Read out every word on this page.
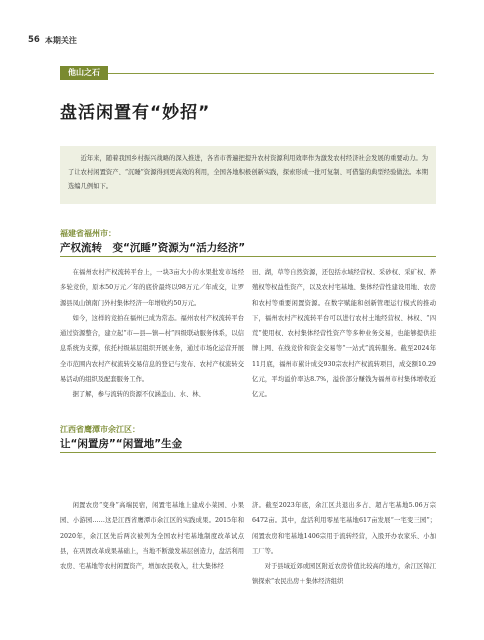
56 本期关注
他山之石
盘活闲置有“妙招”

近年来，随着我国乡村振兴战略的深入推进，各省市普遍把提升农村资源利用效率作为激发农村经济社会发展的重要动力。为了让农村闲置资产、“沉睡”资源得到更高效的利用，全国各地积极创新实践，探索形成一批可复制、可借鉴的典型经验做法。本期选编几例如下。

福建省福州市：
产权流转　变“沉睡”资源为“活力经济”

在福州农村产权流转平台上，一块3亩大小的水果批发市场经多轮竞价，原本50万元／年的底价最终以98万元／年成交，让罗源县凤山镇南门外村集体经济一年增收约50万元。

如今，这样的竞拍在福州已成为常态。福州农村产权流转平台通过资源整合，建立起“市—县—镇—村”四级联动服务体系，以信息系统为支撑，依托村级基层组织开展业务，通过市场化运营开展全市范围内农村产权流转交易信息的登记与发布、农村产权流转交易活动的组织及配套服务工作。

据了解，参与流转的资源不仅涵盖山、水、林、

田、湖，草等自然资源，还包括水域经营权、采砂权、采矿权、养殖权等权益性资产，以及农村宅基地、集体经营性建设用地、农房和农村等重要闲置资源。在数字赋能和创新管理运行模式的推动下，福州农村产权流转平台可以进行农村土地经营权、林权、“四荒”使用权、农村集体经营性资产等多种业务交易，也能够提供挂牌上网、在线竞价和资金交易等“一站式”流转服务。截至2024年11月底，福州市累计成交930宗农村产权流转项目，成交额10.29亿元，平均溢价率达8.7%，溢价部分赚钱为福州市村集体增收近亿元。

江西省鹰潭市余江区：
让“闲置房”“闲置地”生金

闲置农房“变身”高端民宿，闲置宅基地上建成小菜园、小果园、小游园……这是江西省鹰潭市余江区的实践成果。2015年和2020年，余江区先后两次被列为全国农村宅基地制度改革试点县，在巩固改革成果基础上，当地不断激发基层创造力，盘活利用农房、宅基地等农村闲置资产，增加农民收入，壮大集体经

济。截至2023年底，余江区共退出多占、超占宅基地5.06万宗6472亩。其中，盘活利用零星宅基地617亩发展“一宅变三园”；闲置农房和宅基地1406宗用于流转经营，入股开办农家乐、小加工厂等。

对于县域近郊或园区附近农房价值比较高的地方，余江区锦江镇探索“农民出房＋集体经济组织
